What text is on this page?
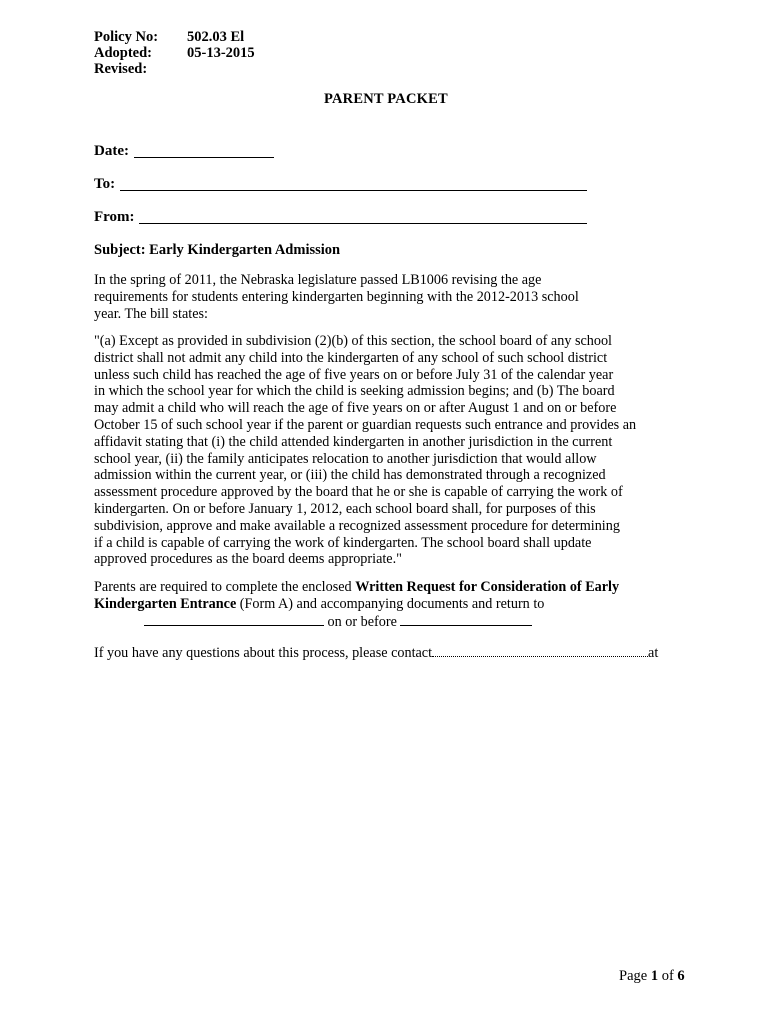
Policy No: 502.03 El
Adopted: 05-13-2015
Revised:
PARENT PACKET
Date:
To:
From:
Subject: Early Kindergarten Admission
In the spring of 2011, the Nebraska legislature passed LB1006 revising the age
requirements for students entering kindergarten beginning with the 2012-2013 school
year. The bill states:
"(a) Except as provided in subdivision (2)(b) of this section, the school board of any school
district shall not admit any child into the kindergarten of any school of such school district
unless such child has reached the age of five years on or before July 31 of the calendar year
in which the school year for which the child is seeking admission begins; and (b) The board
may admit a child who will reach the age of five years on or after August 1 and on or before
October 15 of such school year if the parent or guardian requests such entrance and provides an
affidavit stating that (i) the child attended kindergarten in another jurisdiction in the current
school year, (ii) the family anticipates relocation to another jurisdiction that would allow
admission within the current year, or (iii) the child has demonstrated through a recognized
assessment procedure approved by the board that he or she is capable of carrying the work of
kindergarten. On or before January 1, 2012, each school board shall, for purposes of this
subdivision, approve and make available a recognized assessment procedure for determining
if a child is capable of carrying the work of kindergarten. The school board shall update
approved procedures as the board deems appropriate."
Parents are required to complete the enclosed Written Request for Consideration of Early
Kindergarten Entrance (Form A) and accompanying documents and return to
on or before
If you have any questions about this process, please contact	at
Page 1 of 6
